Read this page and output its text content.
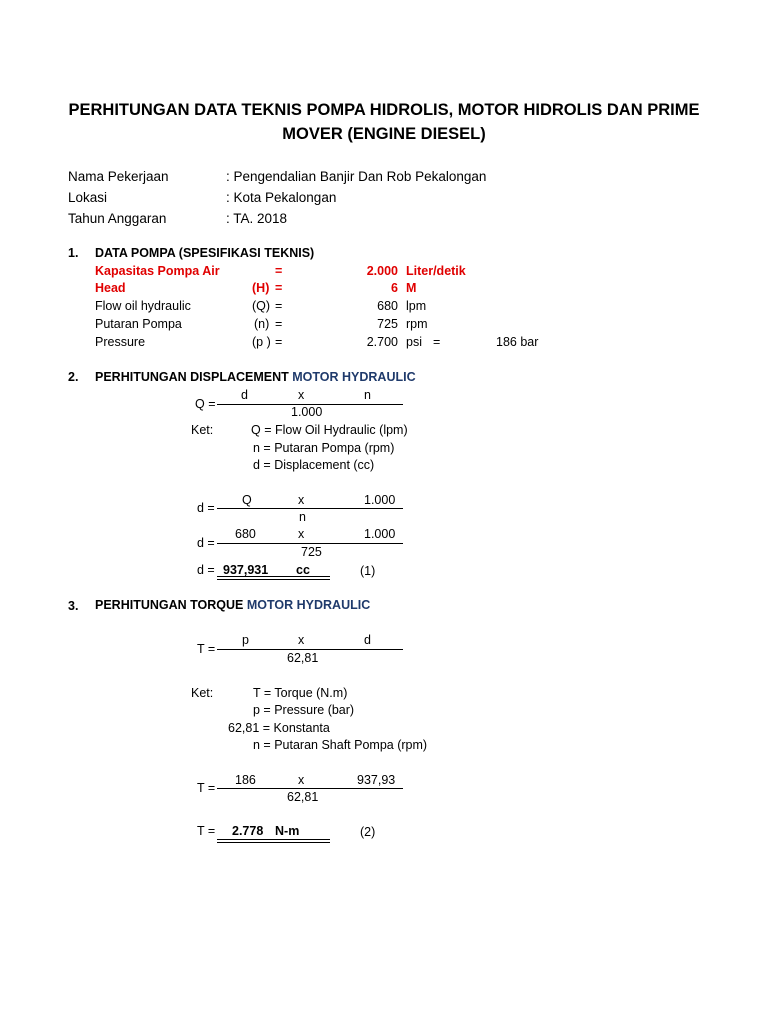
PERHITUNGAN DATA TEKNIS POMPA HIDROLIS, MOTOR HIDROLIS DAN PRIME
MOVER (ENGINE DIESEL)
Nama Pekerjaan	: Pengendalian Banjir Dan Rob Pekalongan
Lokasi	: Kota Pekalongan
Tahun Anggaran	: TA. 2018
1. DATA POMPA (SPESIFIKASI TEKNIS)
Kapasitas Pompa Air	=	2.000 Liter/detik
Head	(H) =	6 M
Flow oil hydraulic	(Q) =	680 lpm
Putaran Pompa	(n) =	725 rpm
Pressure	(p ) =	2.700 psi =	186 bar
2. PERHITUNGAN DISPLACEMENT MOTOR HYDRAULIC
Q =
d	x	n
1.000
Ket:	Q = Flow Oil Hydraulic (lpm)
n = Putaran Pompa (rpm)
d = Displacement (cc)
d =
Q	x	1.000
n
d =
680	x	1.000
725
d = 937,931 cc	(1)
3. PERHITUNGAN TORQUE MOTOR HYDRAULIC
T =
p	x	d
62,81
Ket:	T = Torque (N.m)
p = Pressure (bar)
62,81 = Konstanta
n = Putaran Shaft Pompa (rpm)
T =
186	x	937,93
62,81
T = 2.778 N-m	(2)
